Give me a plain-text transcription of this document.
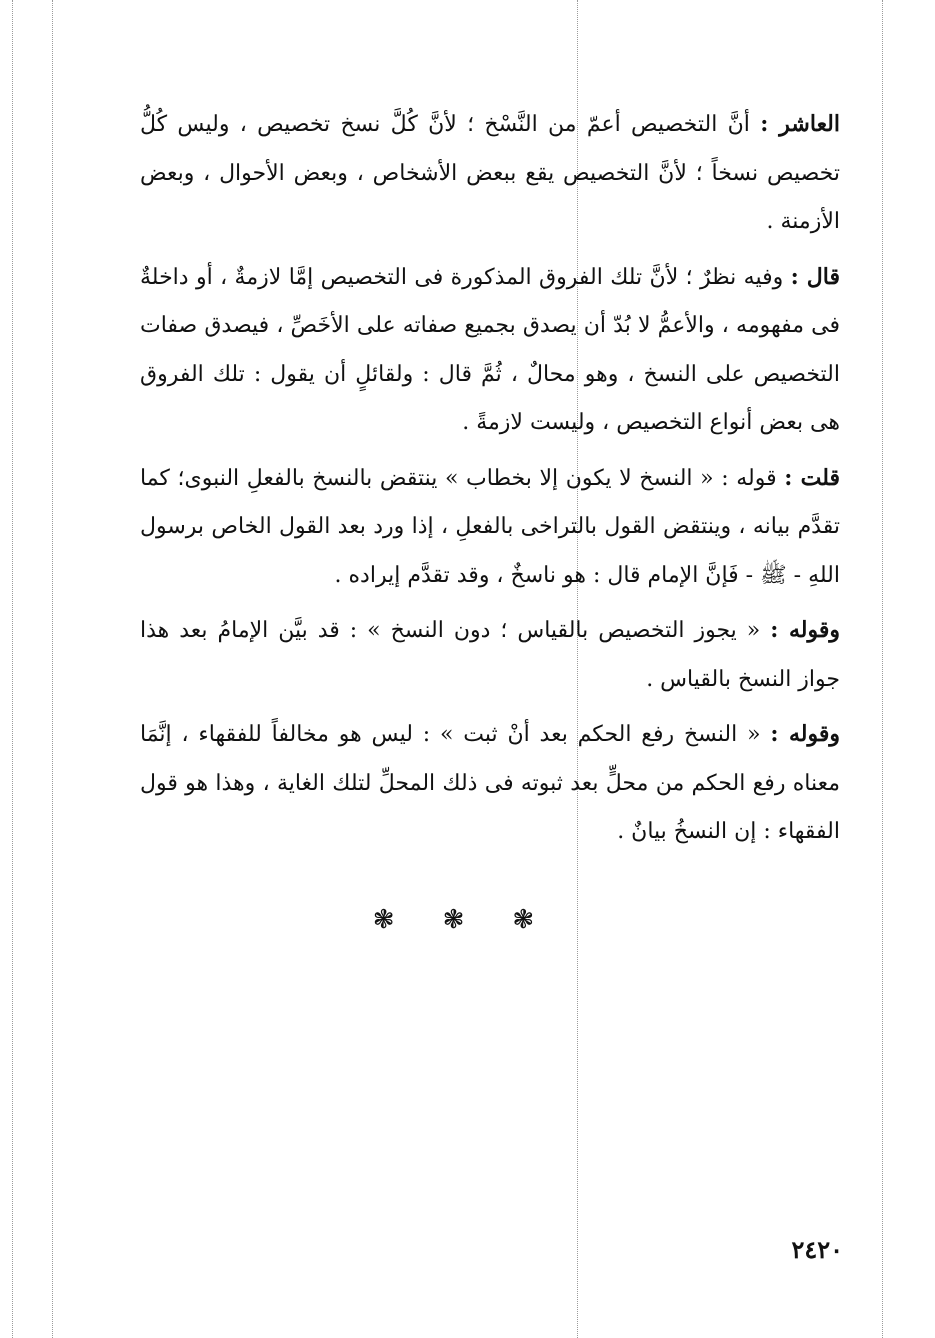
العاشر : أنَّ التخصيص أعمّ من النَّسْخ ؛ لأنَّ كُلَّ نسخ تخصيص ، وليس كُلُّ تخصيص نسخاً ؛ لأنَّ التخصيص يقع ببعض الأشخاص ، وبعض الأحوال ، وبعض الأزمنة .

قال : وفيه نظرٌ ؛ لأنَّ تلك الفروق المذكورة فى التخصيص إمَّا لازمةٌ ، أو داخلةٌ فى مفهومه ، والأعمُّ لا بُدّ أن يصدق بجميع صفاته على الأخَصِّ ، فيصدق صفات التخصيص على النسخ ، وهو محالٌ ، ثُمَّ قال : ولقائلٍ أن يقول : تلك الفروق هى بعض أنواع التخصيص ، وليست لازمةً .

قلت : قوله : « النسخ لا يكون إلا بخطاب » ينتقض بالنسخ بالفعلِ النبوى؛ كما تقدَّم بيانه ، وينتقض القول بالتراخى بالفعلِ ، إذا ورد بعد القول الخاص برسول اللهِ - ﷺ - فَإنَّ الإمام قال : هو ناسخٌ ، وقد تقدَّم إيراده .

وقوله : « يجوز التخصيص بالقياس ؛ دون النسخ » : قد بيَّن الإمامُ بعد هذا جواز النسخ بالقياس .

وقوله : « النسخ رفع الحكم بعد أنْ ثبت » : ليس هو مخالفاً للفقهاء ، إنَّمَا معناه رفع الحكم من محلٍّ بعد ثبوته فى ذلك المحلِّ لتلك الغاية ، وهذا هو قول الفقهاء : إن النسخُ بيانٌ .

❃ ❃ ❃
٢٤٢٠
